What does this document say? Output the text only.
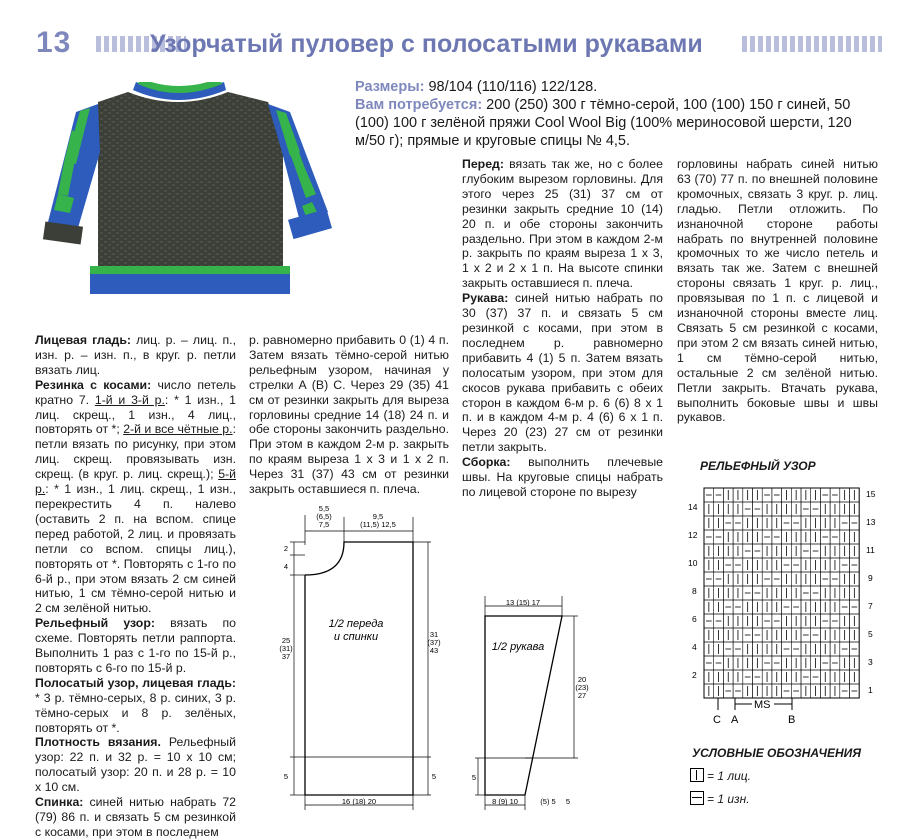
13	Узорчатый пуловер с полосатыми рукавами
Размеры: 98/104 (110/116) 122/128.
Вам потребуется: 200 (250) 300 г тёмно-серой, 100 (100) 150 г синей, 50 (100) 100 г зелёной пряжи Cool Wool Big (100% мериносовой шерсти, 120 м/50 г); прямые и круговые спицы № 4,5.
Лицевая гладь: лиц. р. – лиц. п., изн. р. – изн. п., в круг. р. петли вязать лиц.
Резинка с косами: число петель кратно 7. 1-й и 3-й р.: * 1 изн., 1 лиц. скрещ., 1 изн., 4 лиц., повторять от *; 2-й и все чётные р.: петли вязать по рисунку, при этом лиц. скрещ. провязывать изн. скрещ. (в круг. р. лиц. скрещ.); 5-й р.: * 1 изн., 1 лиц. скрещ., 1 изн., перекрестить 4 п. налево (оставить 2 п. на вспом. спице перед работой, 2 лиц. и провязать петли со вспом. спицы лиц.), повторять от *. Повторять с 1-го по 6-й р., при этом вязать 2 см синей нитью, 1 см тёмно-серой нитью и 2 см зелёной нитью.
Рельефный узор: вязать по схеме. Повторять петли раппорта. Выполнить 1 раз с 1-го по 15-й р., повторять с 6-го по 15-й р.
Полосатый узор, лицевая гладь: * 3 р. тёмно-серых, 8 р. синих, 3 р. тёмно-серых и 8 р. зелёных, повторять от *.
Плотность вязания. Рельефный узор: 22 п. и 32 р. = 10 х 10 см; полосатый узор: 20 п. и 28 р. = 10 х 10 см.
Спинка: синей нитью набрать 72 (79) 86 п. и связать 5 см резинкой с косами, при этом в последнем
р. равномерно прибавить 0 (1) 4 п. Затем вязать тёмно-серой нитью рельефным узором, начиная у стрелки А (В) С. Через 29 (35) 41 см от резинки закрыть для выреза горловины средние 14 (18) 24 п. и обе стороны закончить раздельно. При этом в каждом 2-м р. закрыть по краям выреза 1 х 3 и 1 х 2 п. Через 31 (37) 43 см от резинки закрыть оставшиеся п. плеча.
Перед: вязать так же, но с более глубоким вырезом горловины. Для этого через 25 (31) 37 см от резинки закрыть средние 10 (14) 20 п. и обе стороны закончить раздельно. При этом в каждом 2-м р. закрыть по краям выреза 1 х 3, 1 х 2 и 2 х 1 п. На высоте спинки закрыть оставшиеся п. плеча.
Рукава: синей нитью набрать по 30 (37) 37 п. и связать 5 см резинкой с косами, при этом в последнем р. равномерно прибавить 4 (1) 5 п. Затем вязать полосатым узором, при этом для скосов рукава прибавить с обеих сторон в каждом 6-м р. 6 (6) 8 х 1 п. и в каждом 4-м р. 4 (6) 6 х 1 п. Через 20 (23) 27 см от резинки петли закрыть.
Сборка: выполнить плечевые швы. На круговые спицы набрать по лицевой стороне по вырезу
горловины набрать синей нитью 63 (70) 77 п. по внешней половине кромочных, связать 3 круг. р. лиц. гладью. Петли отложить. По изнаночной стороне работы набрать по внутренней половине кромочных то же число петель и вязать так же. Затем с внешней стороны связать 1 круг. р. лиц., провязывая по 1 п. с лицевой и изнаночной стороны вместе лиц. Связать 5 см резинкой с косами, при этом 2 см вязать синей нитью, 1 см тёмно-серой нитью, остальные 2 см зелёной нитью. Петли закрыть. Втачать рукава, выполнить боковые швы и швы рукавов.
РЕЛЬЕФНЫЙ УЗОР
14
12
10
8
6
4
2
15
13
11
9
7
5
3
1
C A
MS
B
УСЛОВНЫЕ ОБОЗНАЧЕНИЯ
= 1 лиц.
= 1 изн.
5,5
(6,5)
7,5
9,5
(11,5) 12,5
2
4
25
(31)
37
31
(37)
43
5	5
16 (18) 20
1/2 переда
и спинки
13 (15) 17
20
(23)
27
5
8 (9) 10	(5) 5 5
1/2 рукава
